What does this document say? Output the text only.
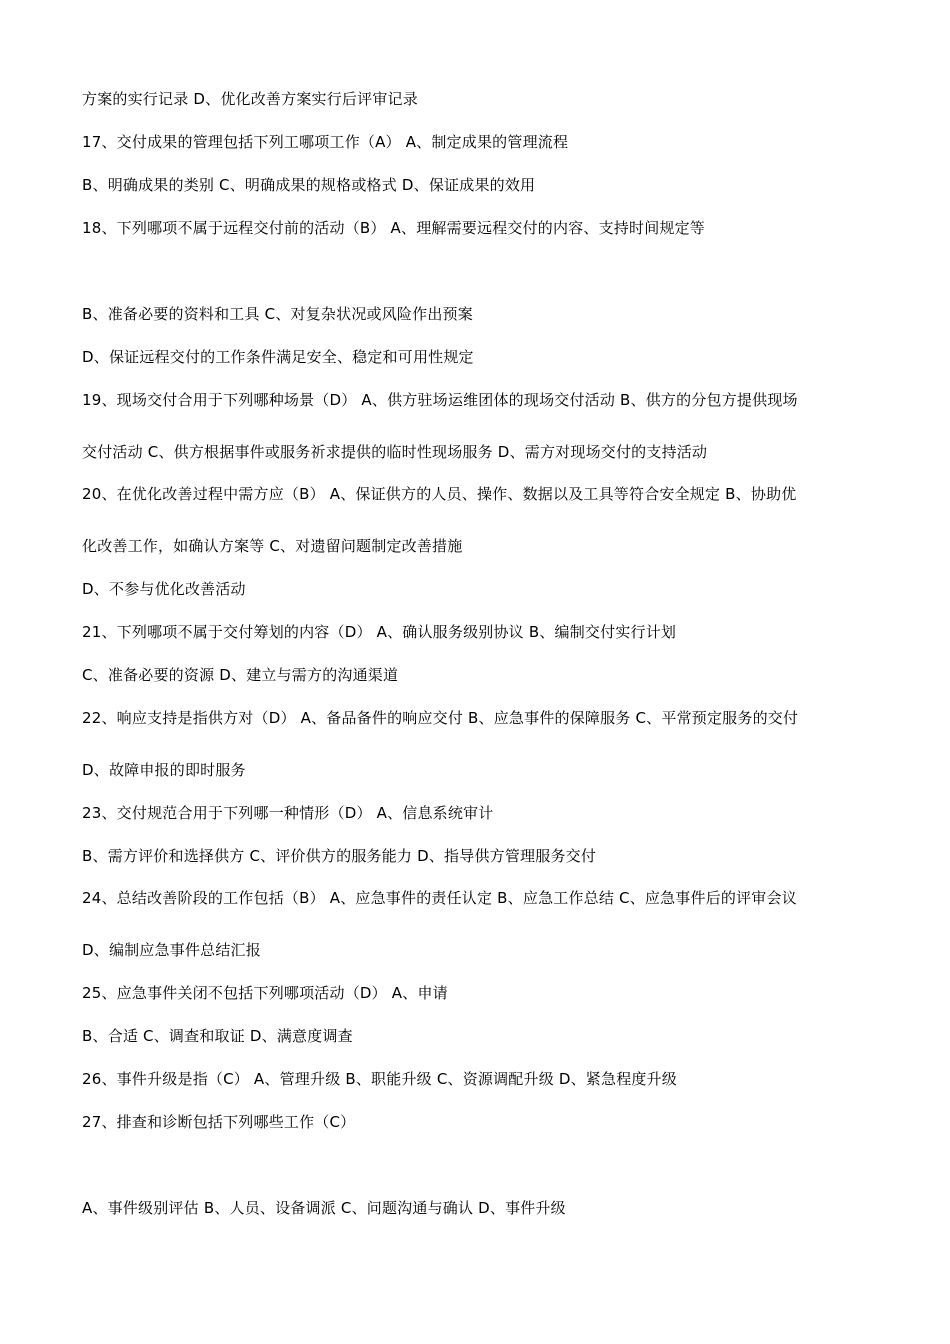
方案的实行记录 D、优化改善方案实行后评审记录
17、交付成果的管理包括下列工哪项工作（A） A、制定成果的管理流程
B、明确成果的类别 C、明确成果的规格或格式 D、保证成果的效用
18、下列哪项不属于远程交付前的活动（B） A、理解需要远程交付的内容、支持时间规定等
B、准备必要的资料和工具 C、对复杂状况或风险作出预案
D、保证远程交付的工作条件满足安全、稳定和可用性规定
19、现场交付合用于下列哪种场景（D） A、供方驻场运维团体的现场交付活动 B、供方的分包方提供现场
交付活动 C、供方根据事件或服务祈求提供的临时性现场服务 D、需方对现场交付的支持活动
20、在优化改善过程中需方应（B） A、保证供方的人员、操作、数据以及工具等符合安全规定 B、协助优
化改善工作，如确认方案等 C、对遗留问题制定改善措施
D、不参与优化改善活动
21、下列哪项不属于交付筹划的内容（D） A、确认服务级别协议 B、编制交付实行计划
C、准备必要的资源 D、建立与需方的沟通渠道
22、响应支持是指供方对（D） A、备品备件的响应交付 B、应急事件的保障服务 C、平常预定服务的交付
D、故障申报的即时服务
23、交付规范合用于下列哪一种情形（D） A、信息系统审计
B、需方评价和选择供方 C、评价供方的服务能力 D、指导供方管理服务交付
24、总结改善阶段的工作包括（B） A、应急事件的责任认定 B、应急工作总结 C、应急事件后的评审会议
D、编制应急事件总结汇报
25、应急事件关闭不包括下列哪项活动（D） A、申请
B、合适 C、调查和取证 D、满意度调查
26、事件升级是指（C） A、管理升级 B、职能升级 C、资源调配升级 D、紧急程度升级
27、排查和诊断包括下列哪些工作（C）
A、事件级别评估 B、人员、设备调派 C、问题沟通与确认 D、事件升级
